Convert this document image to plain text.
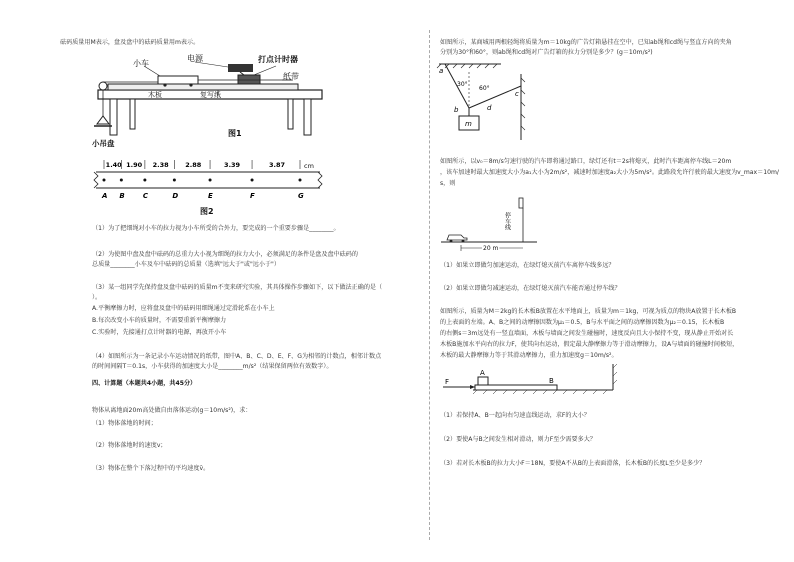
砝码质量用M表示，盘及盘中的砝码质量用m表示。
小车
电源	打点计时器
纸带
木板	复写纸
图1
小吊盘
A B	C	D	E	F	G
1.40 1.90 2.38	2.88	3.39	3.87	cm
图2
（1）为了把细绳对小车的拉力视为小车所受的合外力，要完成的一个重要步骤是________。
（2）为使图中盘及盘中砝码的总重力大小视为细绳的拉力大小，必须满足的条件是盘及盘中砝码的
总质量________小车及车中砝码的总质量（选填"远大于"或"远小于"）
（3）某一组同学先保持盘及盘中砝码的质量m不变来研究实验，其具体操作步骤如下，以下做法正确的是（
）。
A.平衡摩擦力时，应将盘及盘中的砝码用细绳通过定滑轮系在小车上
B.每次改变小车的质量时，不需要重新平衡摩擦力
C.实验时，先接通打点计时器的电源，再放开小车
（4）如图所示为一条记录小车运动情况的纸带，图中A、B、C、D、E、F、G为相邻的计数点，相邻计数点
的时间间隔T＝0.1s，小车获得的加速度大小是________m/s²（结果保留两位有效数字）。
四、计算题（本题共4小题，共45分）
物体从离地面20m高处做自由落体运动(g＝10m/s²)，求：
（1）物体落地的时间；
（2）物体落地时的速度v；
（3）物体在整个下落过程中的平均速度v̄。
如图所示，某商城用两根轻绳将质量为m＝10kg的广告灯箱悬挂在空中，已知ab绳和cd绳与竖直方向的夹角
分别为30°和60°，则ab绳和cd绳对广告灯箱的拉力分别是多少？(g＝10m/s²)
a
b
c
d
m
30°
60°
如图所示，以v₀＝8m/s匀速行驶的汽车即将通过路口，绿灯还有t＝2s将熄灭，此时汽车距离停车线L＝20m
，该车加速时最大加速度大小为a₁大小为2m/s²，减速时加速度a₂大小为5m/s²。此路段允许行驶的最大速度为v_max＝10m/
s，则
停车线
20 m
（1）如果立即做匀加速运动，在绿灯熄灭前汽车离停车线多远？
（2）如果立即做匀减速运动，在绿灯熄灭前汽车能否通过停车线？
如图所示，质量为M＝2kg的长木板B放置在水平地面上，质量为m＝1kg，可视为质点的物块A放置于长木板B
的上表面的左端。A、B之间的动摩擦因数为μ₁＝0.5，B与水平面之间的动摩擦因数为μ₂＝0.15，长木板B
的右侧s＝3m远处有一竖直墙面，木板与墙面之间发生碰撞时，速度反向且大小保持不变，现从静止开始对长
木板B施加水平向右的拉力F，使其向右运动，假定最大静摩擦力等于滑动摩擦力，设A与墙面的碰撞时间极短，
木板的最大静摩擦力等于其滑动摩擦力，重力加速度g＝10m/s²。
F
A
B
（1）若保持A、B一起向右匀速直线运动，求F的大小？
（2）要使A与B之间发生相对滑动，则力F至少需要多大？
（3）若对长木板B的拉力大小F＝18N，要使A不从B的上表面滑落，长木板B的长度L至少是多少？
